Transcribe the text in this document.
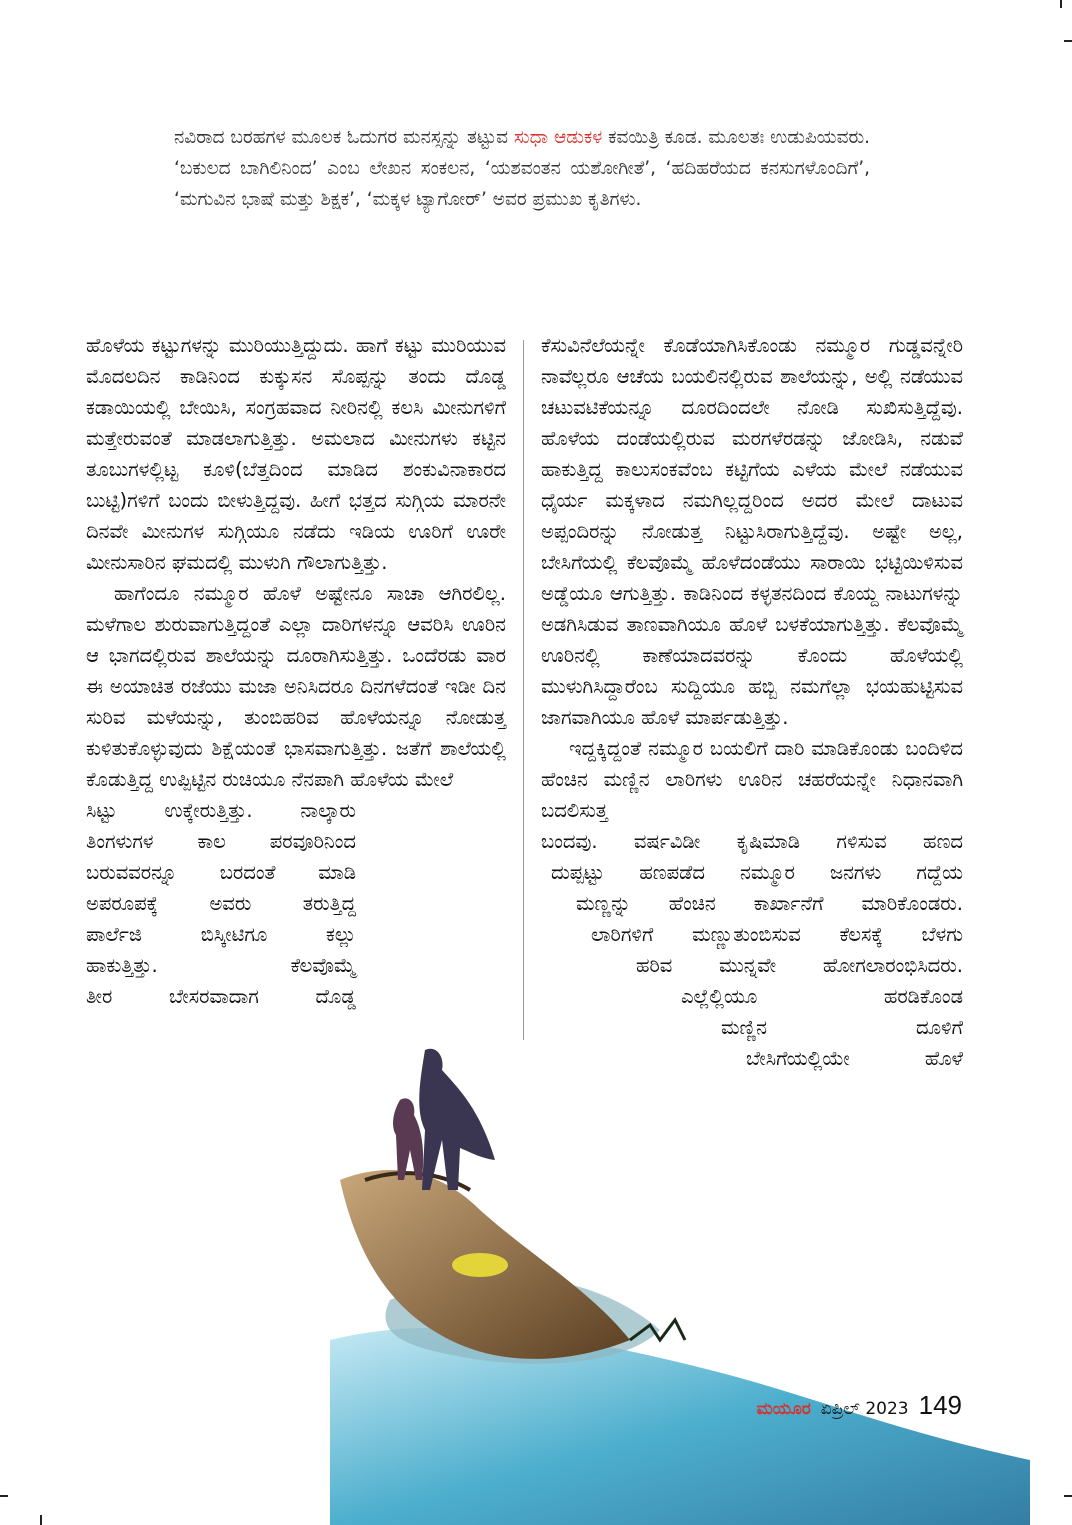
ನವಿರಾದ ಬರಹಗಳ ಮೂಲಕ ಓದುಗರ ಮನಸ್ಸನ್ನು ತಟ್ಟುವ ಸುಧಾ ಆಡುಕಳ ಕವಯಿತ್ರಿ ಕೂಡ. ಮೂಲತಃ ಉಡುಪಿಯವರು. ‘ಬಕುಲದ ಬಾಗಿಲಿನಿಂದ’ ಎಂಬ ಲೇಖನ ಸಂಕಲನ, ‘ಯಶವಂತನ ಯಶೋಗೀತೆ’, ‘ಹದಿಹರೆಯದ ಕನಸುಗಳೊಂದಿಗೆ’, ‘ಮಗುವಿನ ಭಾಷೆ ಮತ್ತು ಶಿಕ್ಷಕ’, ‘ಮಕ್ಕಳ ಟ್ಯಾಗೋರ್’ ಅವರ ಪ್ರಮುಖ ಕೃತಿಗಳು.

ಹೊಳೆಯ ಕಟ್ಟುಗಳನ್ನು ಮುರಿಯುತ್ತಿದ್ದುದು. ಹಾಗೆ ಕಟ್ಟು ಮುರಿಯುವ ಮೊದಲದಿನ ಕಾಡಿನಿಂದ ಕುಕ್ಕುಸನ ಸೊಪ್ಪನ್ನು ತಂದು ದೊಡ್ಡ ಕಡಾಯಿಯಲ್ಲಿ ಬೇಯಿಸಿ, ಸಂಗ್ರಹವಾದ ನೀರಿನಲ್ಲಿ ಕಲಸಿ ಮೀನುಗಳಿಗೆ ಮತ್ತೇರುವಂತೆ ಮಾಡಲಾಗುತ್ತಿತ್ತು. ಅಮಲಾದ ಮೀನುಗಳು ಕಟ್ಟಿನ ತೂಬುಗಳಲ್ಲಿಟ್ಟ ಕೂಳಿ(ಬೆತ್ತದಿಂದ ಮಾಡಿದ ಶಂಕುವಿನಾಕಾರದ ಬುಟ್ಟಿ)ಗಳಿಗೆ ಬಂದು ಬೀಳುತ್ತಿದ್ದವು. ಹೀಗೆ ಭತ್ತದ ಸುಗ್ಗಿಯ ಮಾರನೇ ದಿನವೇ ಮೀನುಗಳ ಸುಗ್ಗಿಯೂ ನಡೆದು ಇಡಿಯ ಊರಿಗೆ ಊರೇ ಮೀನುಸಾರಿನ ಘಮದಲ್ಲಿ ಮುಳುಗಿ ಗೌಲಾಗುತ್ತಿತ್ತು.

ಹಾಗೆಂದೂ ನಮ್ಮೂರ ಹೊಳೆ ಅಷ್ಟೇನೂ ಸಾಚಾ ಆಗಿರಲಿಲ್ಲ. ಮಳೆಗಾಲ ಶುರುವಾಗುತ್ತಿದ್ದಂತೆ ಎಲ್ಲಾ ದಾರಿಗಳನ್ನೂ ಆವರಿಸಿ ಊರಿನ ಆ ಭಾಗದಲ್ಲಿರುವ ಶಾಲೆಯನ್ನು ದೂರಾಗಿಸುತ್ತಿತ್ತು. ಒಂದೆರಡು ವಾರ ಈ ಅಯಾಚಿತ ರಜೆಯು ಮಜಾ ಅನಿಸಿದರೂ ದಿನಗಳೆದಂತೆ ಇಡೀ ದಿನ ಸುರಿವ ಮಳೆಯನ್ನು, ತುಂಬಿಹರಿವ ಹೊಳೆಯನ್ನೂ ನೋಡುತ್ತ ಕುಳಿತುಕೊಳ್ಳುವುದು ಶಿಕ್ಷೆಯಂತೆ ಭಾಸವಾಗುತ್ತಿತ್ತು. ಜತೆಗೆ ಶಾಲೆಯಲ್ಲಿ ಕೊಡುತ್ತಿದ್ದ ಉಪ್ಪಿಟ್ಟಿನ ರುಚಿಯೂ ನೆನಪಾಗಿ ಹೊಳೆಯ ಮೇಲೆ

ಸಿಟ್ಟು ಉಕ್ಕೇರುತ್ತಿತ್ತು. ನಾಲ್ಕಾರು
ತಿಂಗಳುಗಳ ಕಾಲ ಪರವೂರಿನಿಂದ
ಬರುವವರನ್ನೂ ಬರದಂತೆ ಮಾಡಿ
ಅಪರೂಪಕ್ಕೆ ಅವರು ತರುತ್ತಿದ್ದ
ಪಾರ್ಲೆಜಿ ಬಿಸ್ಕೀಟಿಗೂ ಕಲ್ಲು
ಹಾಕುತ್ತಿತ್ತು. ಕೆಲವೊಮ್ಮೆ
ತೀರ ಬೇಸರವಾದಾಗ ದೊಡ್ಡ

ಕೆಸುವಿನೆಲೆಯನ್ನೇ ಕೊಡೆಯಾಗಿಸಿಕೊಂಡು ನಮ್ಮೂರ ಗುಡ್ಡವನ್ನೇರಿ ನಾವೆಲ್ಲರೂ ಆಚೆಯ ಬಯಲಿನಲ್ಲಿರುವ ಶಾಲೆಯನ್ನು, ಅಲ್ಲಿ ನಡೆಯುವ ಚಟುವಟಿಕೆಯನ್ನೂ ದೂರದಿಂದಲೇ ನೋಡಿ ಸುಖಿಸುತ್ತಿದ್ದೆವು. ಹೊಳೆಯ ದಂಡೆಯಲ್ಲಿರುವ ಮರಗಳೆರಡನ್ನು ಜೋಡಿಸಿ, ನಡುವೆ ಹಾಕುತ್ತಿದ್ದ ಕಾಲುಸಂಕವೆಂಬ ಕಟ್ಟಿಗೆಯ ಎಳೆಯ ಮೇಲೆ ನಡೆಯುವ ಧೈರ್ಯ ಮಕ್ಕಳಾದ ನಮಗಿಲ್ಲದ್ದರಿಂದ ಅದರ ಮೇಲೆ ದಾಟುವ ಅಪ್ಪಂದಿರನ್ನು ನೋಡುತ್ತ ನಿಟ್ಟುಸಿರಾಗುತ್ತಿದ್ದೆವು. ಅಷ್ಟೇ ಅಲ್ಲ, ಬೇಸಿಗೆಯಲ್ಲಿ ಕೆಲವೊಮ್ಮೆ ಹೊಳೆದಂಡೆಯು ಸಾರಾಯಿ ಭಟ್ಟಿಯಿಳಿಸುವ ಅಡ್ಡೆಯೂ ಆಗುತ್ತಿತ್ತು. ಕಾಡಿನಿಂದ ಕಳ್ಳತನದಿಂದ ಕೊಯ್ದ ನಾಟುಗಳನ್ನು ಅಡಗಿಸಿಡುವ ತಾಣವಾಗಿಯೂ ಹೊಳೆ ಬಳಕೆಯಾಗುತ್ತಿತ್ತು. ಕೆಲವೊಮ್ಮೆ ಊರಿನಲ್ಲಿ ಕಾಣೆಯಾದವರನ್ನು ಕೊಂದು ಹೊಳೆಯಲ್ಲಿ ಮುಳುಗಿಸಿದ್ದಾರೆಂಬ ಸುದ್ದಿಯೂ ಹಬ್ಬಿ ನಮಗೆಲ್ಲಾ ಭಯಹುಟ್ಟಿಸುವ ಜಾಗವಾಗಿಯೂ ಹೊಳೆ ಮಾರ್ಪಡುತ್ತಿತ್ತು.

ಇದ್ದಕ್ಕಿದ್ದಂತೆ ನಮ್ಮೂರ ಬಯಲಿಗೆ ದಾರಿ ಮಾಡಿಕೊಂಡು ಬಂದಿಳಿದ ಹೆಂಚಿನ ಮಣ್ಣಿನ ಲಾರಿಗಳು ಊರಿನ ಚಹರೆಯನ್ನೇ ನಿಧಾನವಾಗಿ ಬದಲಿಸುತ್ತ

ಬಂದವು. ವರ್ಷವಿಡೀ ಕೃಷಿಮಾಡಿ ಗಳಿಸುವ ಹಣದ
ದುಪ್ಪಟ್ಟು ಹಣಪಡೆದ ನಮ್ಮೂರ ಜನಗಳು ಗದ್ದೆಯ
ಮಣ್ಣನ್ನು ಹೆಂಚಿನ ಕಾರ್ಖಾನೆಗೆ ಮಾರಿಕೊಂಡರು.
ಲಾರಿಗಳಿಗೆ ಮಣ್ಣುತುಂಬಿಸುವ ಕೆಲಸಕ್ಕೆ ಬೆಳಗು
ಹರಿವ ಮುನ್ನವೇ ಹೋಗಲಾರಂಭಿಸಿದರು.
ಎಲ್ಲೆಲ್ಲಿಯೂ ಹರಡಿಕೊಂಡ
ಮಣ್ಣಿನ ದೂಳಿಗೆ
ಬೇಸಿಗೆಯಲ್ಲಿಯೇ ಹೊಳೆ
ಮಯೂರ ಏಪ್ರಿಲ್ 2023 149
